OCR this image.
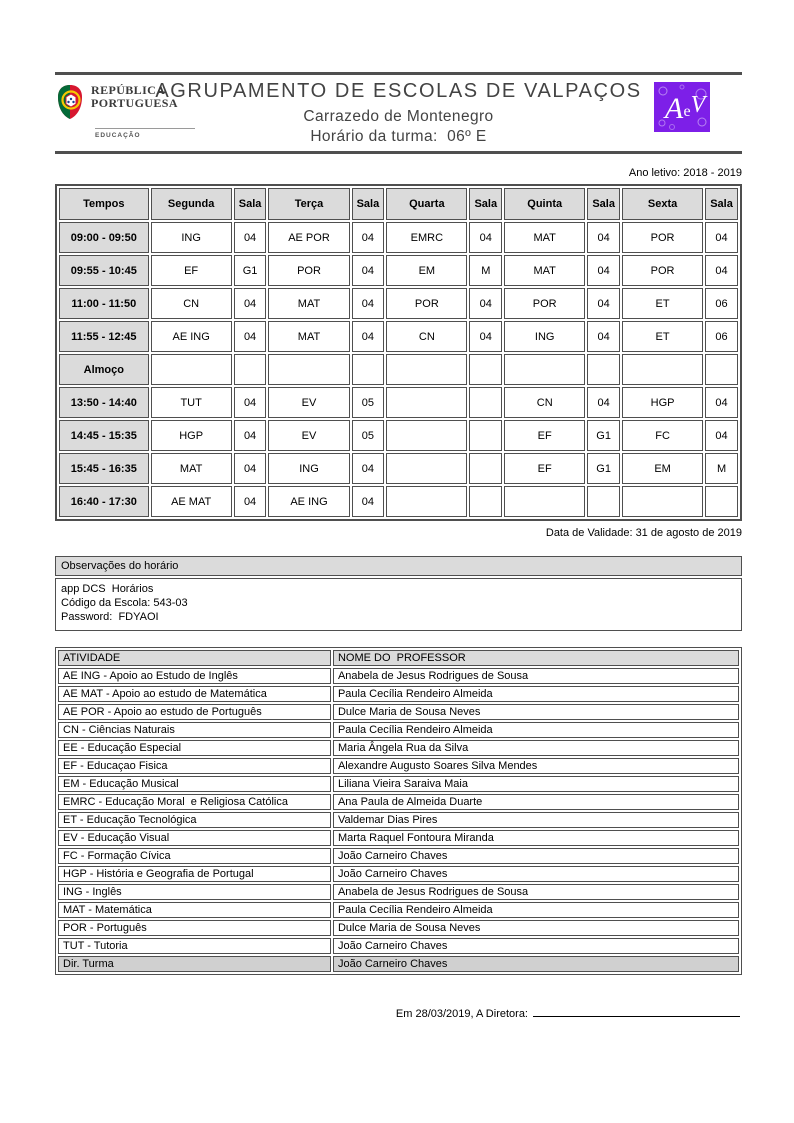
REPÚBLICA
PORTUGUESA
EDUCAÇÃO
AGRUPAMENTO DE ESCOLAS DE VALPAÇOS
Carrazedo de Montenegro
Horário da turma:  06º E
A e V
Ano letivo: 2018 - 2019
Tempos	Segunda	Sala	Terça	Sala	Quarta	Sala	Quinta	Sala	Sexta	Sala
09:00 - 09:50	ING	04	AE POR	04	EMRC	04	MAT	04	POR	04
09:55 - 10:45	EF	G1	POR	04	EM	M	MAT	04	POR	04
11:00 - 11:50	CN	04	MAT	04	POR	04	POR	04	ET	06
11:55 - 12:45	AE ING	04	MAT	04	CN	04	ING	04	ET	06
Almoço										
13:50 - 14:40	TUT	04	EV	05			CN	04	HGP	04
14:45 - 15:35	HGP	04	EV	05			EF	G1	FC	04
15:45 - 16:35	MAT	04	ING	04			EF	G1	EM	M
16:40 - 17:30	AE MAT	04	AE ING	04						
Data de Validade: 31 de agosto de 2019
Observações do horário
app DCS  Horários
Código da Escola: 543-03
Password:  FDYAOI
ATIVIDADE	NOME DO  PROFESSOR
AE ING - Apoio ao Estudo de Inglês	Anabela de Jesus Rodrigues de Sousa
AE MAT - Apoio ao estudo de Matemática	Paula Cecília Rendeiro Almeida
AE POR - Apoio ao estudo de Português	Dulce Maria de Sousa Neves
CN - Ciências Naturais	Paula Cecília Rendeiro Almeida
EE - Educação Especial	Maria Ângela Rua da Silva
EF - Educaçao Fisica	Alexandre Augusto Soares Silva Mendes
EM - Educação Musical	Liliana Vieira Saraiva Maia
EMRC - Educação Moral  e Religiosa Católica	Ana Paula de Almeida Duarte
ET - Educação Tecnológica	Valdemar Dias Pires
EV - Educação Visual	Marta Raquel Fontoura Miranda
FC - Formação Cívica	João Carneiro Chaves
HGP - História e Geografia de Portugal	João Carneiro Chaves
ING - Inglês	Anabela de Jesus Rodrigues de Sousa
MAT - Matemática	Paula Cecília Rendeiro Almeida
POR - Português	Dulce Maria de Sousa Neves
TUT - Tutoria	João Carneiro Chaves
Dir. Turma	João Carneiro Chaves
Em 28/03/2019, A Diretora:
